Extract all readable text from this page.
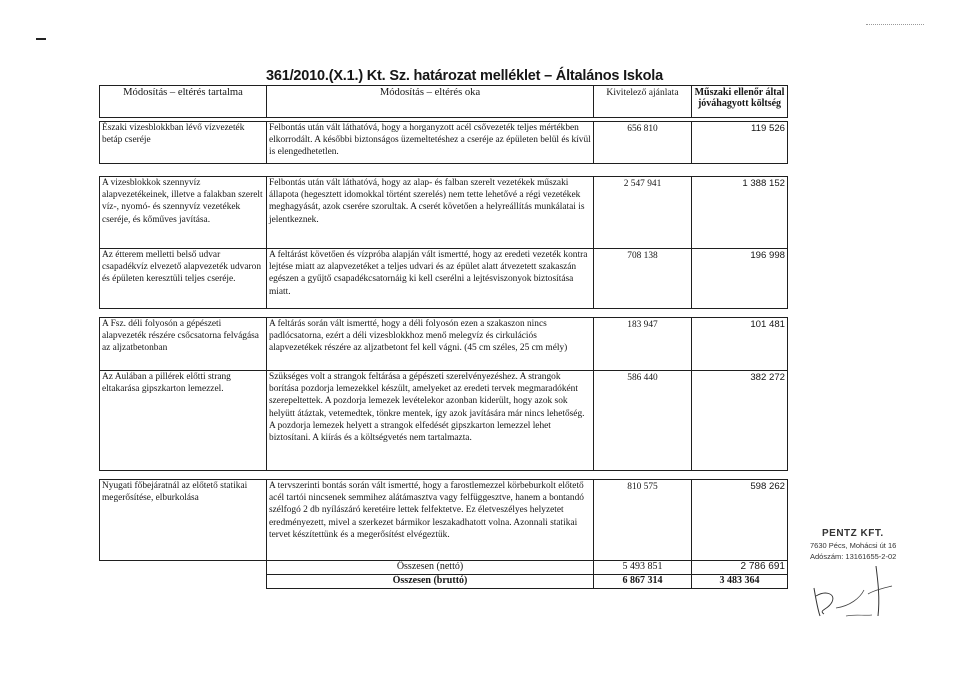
361/2010.(X.1.) Kt. Sz. határozat melléklet – Általános Iskola
Módosítás – eltérés tartalma	Módosítás – eltérés oka	Kivitelező ajánlata	Műszaki ellenőr által jóváhagyott költség

Északi vizesblokkban lévő vízvezeték betáp cseréje	Felbontás után vált láthatóvá, hogy a horganyzott acél csővezeték teljes mértékben elkorrodált. A későbbi biztonságos üzemeltetéshez a cseréje az épületen belül és kívül is elengedhetetlen.	656 810	119 526

A vizesblokkok szennyvíz alapvezetékeinek, illetve a falakban szerelt víz-, nyomó- és szennyvíz vezetékek cseréje, és kőműves javítása.	Felbontás után vált láthatóvá, hogy az alap- és falban szerelt vezetékek műszaki állapota (hegesztett idomokkal történt szerelés) nem tette lehetővé a régi vezetékek meghagyását, azok cserére szorultak. A cserét követően a helyreállítás munkálatai is jelentkeznek.	2 547 941	1 388 152
Az étterem melletti belső udvar csapadékvíz elvezető alapvezeték udvaron és épületen keresztüli teljes cseréje.	A feltárást követően és vízpróba alapján vált ismertté, hogy az eredeti vezeték kontra lejtése miatt az alapvezetéket a teljes udvari és az épület alatt átvezetett szakaszán egészen a gyűjtő csapadékcsatornáig ki kell cserélni a lejtésviszonyok biztosítása miatt.	708 138	196 998

A Fsz. déli folyosón a gépészeti alapvezeték részére csőcsatorna felvágása az aljzatbetonban	A feltárás során vált ismertté, hogy a déli folyosón ezen a szakaszon nincs padlócsatorna, ezért a déli vizesblokkhoz menő melegvíz és cirkulációs alapvezetékek részére az aljzatbetont fel kell vágni. (45 cm széles, 25 cm mély)	183 947	101 481
Az Aulában a pillérek előtti strang eltakarása gipszkarton lemezzel.	Szükséges volt a strangok feltárása a gépészeti szerelvényezéshez. A strangok borítása pozdorja lemezekkel készült, amelyeket az eredeti tervek megmaradóként szerepeltettek. A pozdorja lemezek levételekor azonban kiderült, hogy azok sok helyütt átáztak, vetemedtek, tönkre mentek, így azok javítására már nincs lehetőség. A pozdorja lemezek helyett a strangok elfedését gipszkarton lemezzel lehet biztosítani. A kiírás és a költségvetés nem tartalmazta.	586 440	382 272

Nyugati főbejáratnál az előtető statikai megerősítése, elburkolása	A tervszerinti bontás során vált ismertté, hogy a farostlemezzel körbeburkolt előtető acél tartói nincsenek semmihez alátámasztva vagy felfüggesztve, hanem a bontandó szélfogó 2 db nyílászáró keretéire lettek felfektetve. Ez életveszélyes helyzetet eredményezett, mivel a szerkezet bármikor leszakadhatott volna. Azonnali statikai tervet készítettünk és a megerősítést elvégeztük.	810 575	598 262
	Összesen (nettó)	5 493 851	2 786 691
	Összesen (bruttó)	6 867 314	3 483 364
PENTZ KFT.
7630 Pécs, Mohácsi út 16
Adószám: 13161655-2-02
